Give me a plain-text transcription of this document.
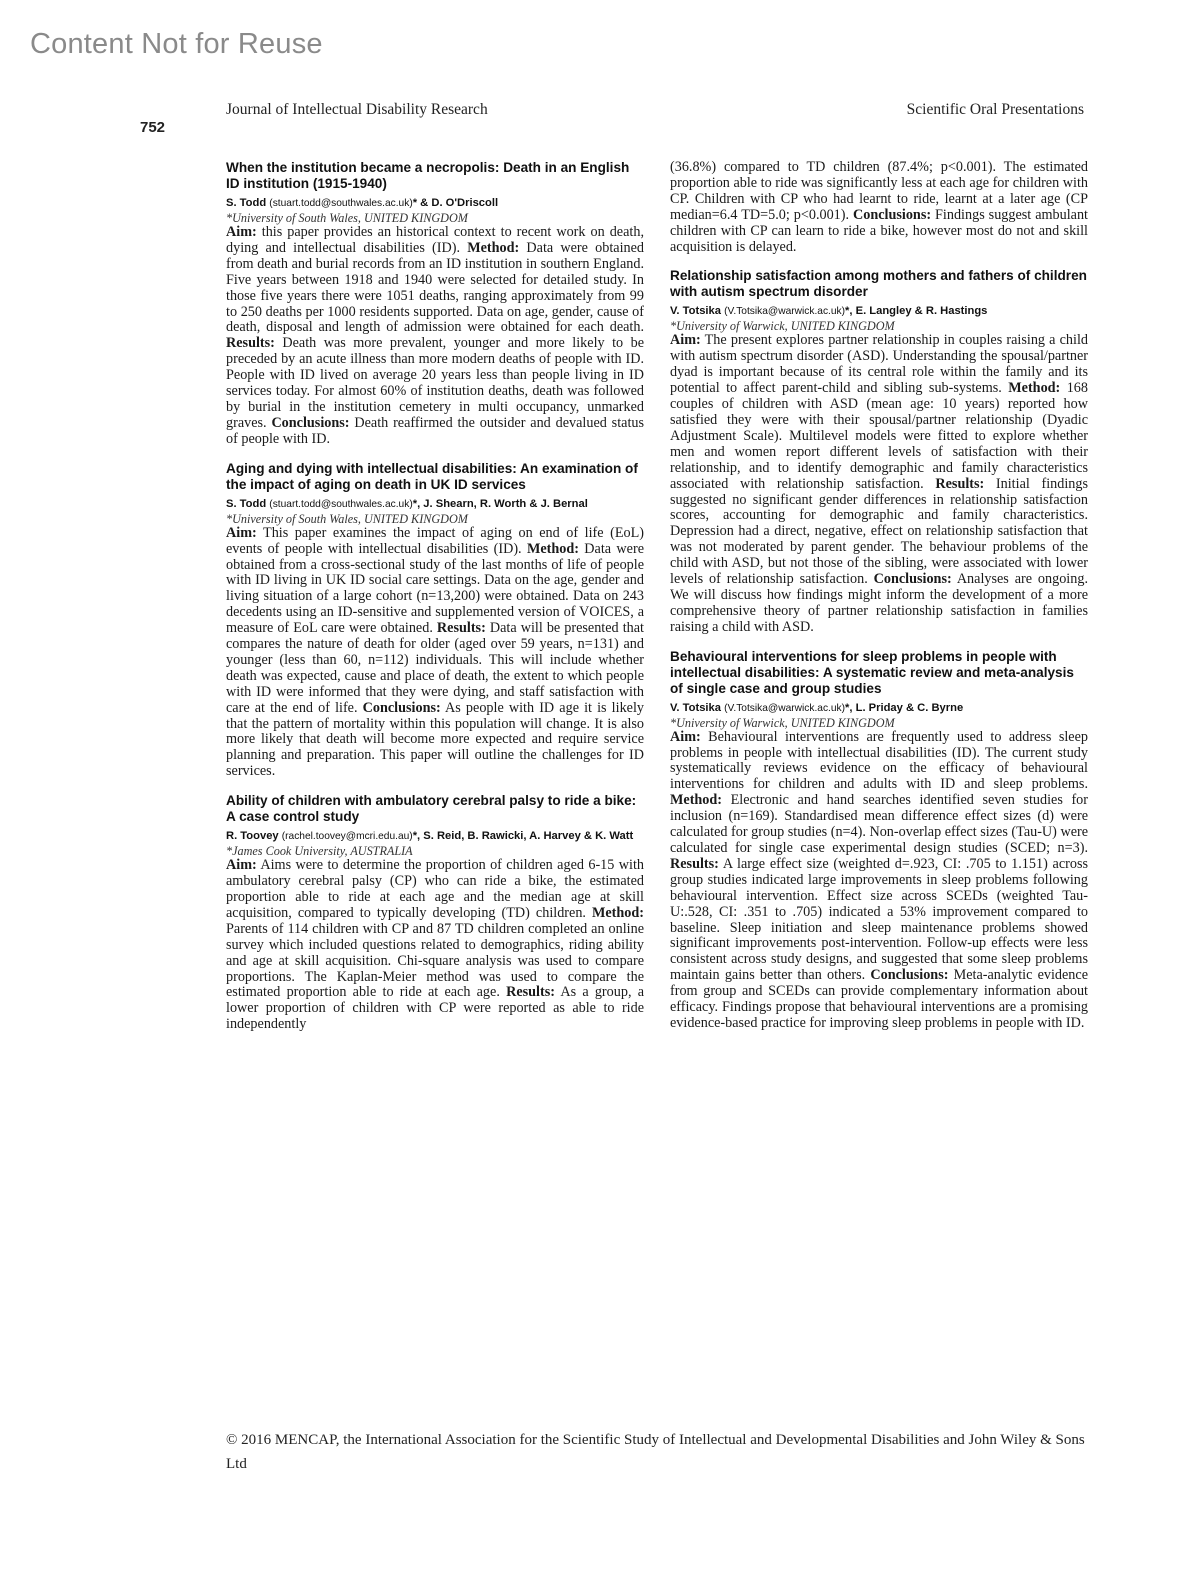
Content Not for Reuse
752
Journal of Intellectual Disability Research	Scientific Oral Presentations

When the institution became a necropolis: Death in an English ID institution (1915-1940)

S. Todd (stuart.todd@southwales.ac.uk)* & D. O'Driscoll

*University of South Wales, UNITED KINGDOM

Aim: this paper provides an historical context to recent work on death, dying and intellectual disabilities (ID). Method: Data were obtained from death and burial records from an ID institution in southern England. Five years between 1918 and 1940 were selected for detailed study. In those five years there were 1051 deaths, ranging approximately from 99 to 250 deaths per 1000 residents supported. Data on age, gender, cause of death, disposal and length of admission were obtained for each death. Results: Death was more prevalent, younger and more likely to be preceded by an acute illness than more modern deaths of people with ID. People with ID lived on average 20 years less than people living in ID services today. For almost 60% of institution deaths, death was followed by burial in the institution cemetery in multi occupancy, unmarked graves. Conclusions: Death reaffirmed the outsider and devalued status of people with ID.

Aging and dying with intellectual disabilities: An examination of the impact of aging on death in UK ID services

S. Todd (stuart.todd@southwales.ac.uk)*, J. Shearn, R. Worth & J. Bernal

*University of South Wales, UNITED KINGDOM

Aim: This paper examines the impact of aging on end of life (EoL) events of people with intellectual disabilities (ID). Method: Data were obtained from a cross-sectional study of the last months of life of people with ID living in UK ID social care settings. Data on the age, gender and living situation of a large cohort (n=13,200) were obtained. Data on 243 decedents using an ID-sensitive and supplemented version of VOICES, a measure of EoL care were obtained. Results: Data will be presented that compares the nature of death for older (aged over 59 years, n=131) and younger (less than 60, n=112) individuals. This will include whether death was expected, cause and place of death, the extent to which people with ID were informed that they were dying, and staff satisfaction with care at the end of life. Conclusions: As people with ID age it is likely that the pattern of mortality within this population will change. It is also more likely that death will become more expected and require service planning and preparation. This paper will outline the challenges for ID services.

Ability of children with ambulatory cerebral palsy to ride a bike: A case control study

R. Toovey (rachel.toovey@mcri.edu.au)*, S. Reid, B. Rawicki, A. Harvey & K. Watt

*James Cook University, AUSTRALIA

Aim: Aims were to determine the proportion of children aged 6-15 with ambulatory cerebral palsy (CP) who can ride a bike, the estimated proportion able to ride at each age and the median age at skill acquisition, compared to typically developing (TD) children. Method: Parents of 114 children with CP and 87 TD children completed an online survey which included questions related to demographics, riding ability and age at skill acquisition. Chi-square analysis was used to compare proportions. The Kaplan-Meier method was used to compare the estimated proportion able to ride at each age. Results: As a group, a lower proportion of children with CP were reported as able to ride independently

(36.8%) compared to TD children (87.4%; p<0.001). The estimated proportion able to ride was significantly less at each age for children with CP. Children with CP who had learnt to ride, learnt at a later age (CP median=6.4 TD=5.0; p<0.001). Conclusions: Findings suggest ambulant children with CP can learn to ride a bike, however most do not and skill acquisition is delayed.

Relationship satisfaction among mothers and fathers of children with autism spectrum disorder

V. Totsika (V.Totsika@warwick.ac.uk)*, E. Langley & R. Hastings

*University of Warwick, UNITED KINGDOM

Aim: The present explores partner relationship in couples raising a child with autism spectrum disorder (ASD). Understanding the spousal/partner dyad is important because of its central role within the family and its potential to affect parent-child and sibling sub-systems. Method: 168 couples of children with ASD (mean age: 10 years) reported how satisfied they were with their spousal/partner relationship (Dyadic Adjustment Scale). Multilevel models were fitted to explore whether men and women report different levels of satisfaction with their relationship, and to identify demographic and family characteristics associated with relationship satisfaction. Results: Initial findings suggested no significant gender differences in relationship satisfaction scores, accounting for demographic and family characteristics. Depression had a direct, negative, effect on relationship satisfaction that was not moderated by parent gender. The behaviour problems of the child with ASD, but not those of the sibling, were associated with lower levels of relationship satisfaction. Conclusions: Analyses are ongoing. We will discuss how findings might inform the development of a more comprehensive theory of partner relationship satisfaction in families raising a child with ASD.

Behavioural interventions for sleep problems in people with intellectual disabilities: A systematic review and meta-analysis of single case and group studies

V. Totsika (V.Totsika@warwick.ac.uk)*, L. Priday & C. Byrne

*University of Warwick, UNITED KINGDOM

Aim: Behavioural interventions are frequently used to address sleep problems in people with intellectual disabilities (ID). The current study systematically reviews evidence on the efficacy of behavioural interventions for children and adults with ID and sleep problems. Method: Electronic and hand searches identified seven studies for inclusion (n=169). Standardised mean difference effect sizes (d) were calculated for group studies (n=4). Non-overlap effect sizes (Tau-U) were calculated for single case experimental design studies (SCED; n=3). Results: A large effect size (weighted d=.923, CI: .705 to 1.151) across group studies indicated large improvements in sleep problems following behavioural intervention. Effect size across SCEDs (weighted Tau-U:.528, CI: .351 to .705) indicated a 53% improvement compared to baseline. Sleep initiation and sleep maintenance problems showed significant improvements post-intervention. Follow-up effects were less consistent across study designs, and suggested that some sleep problems maintain gains better than others. Conclusions: Meta-analytic evidence from group and SCEDs can provide complementary information about efficacy. Findings propose that behavioural interventions are a promising evidence-based practice for improving sleep problems in people with ID.

© 2016 MENCAP, the International Association for the Scientific Study of Intellectual and Developmental Disabilities and John Wiley & Sons Ltd
